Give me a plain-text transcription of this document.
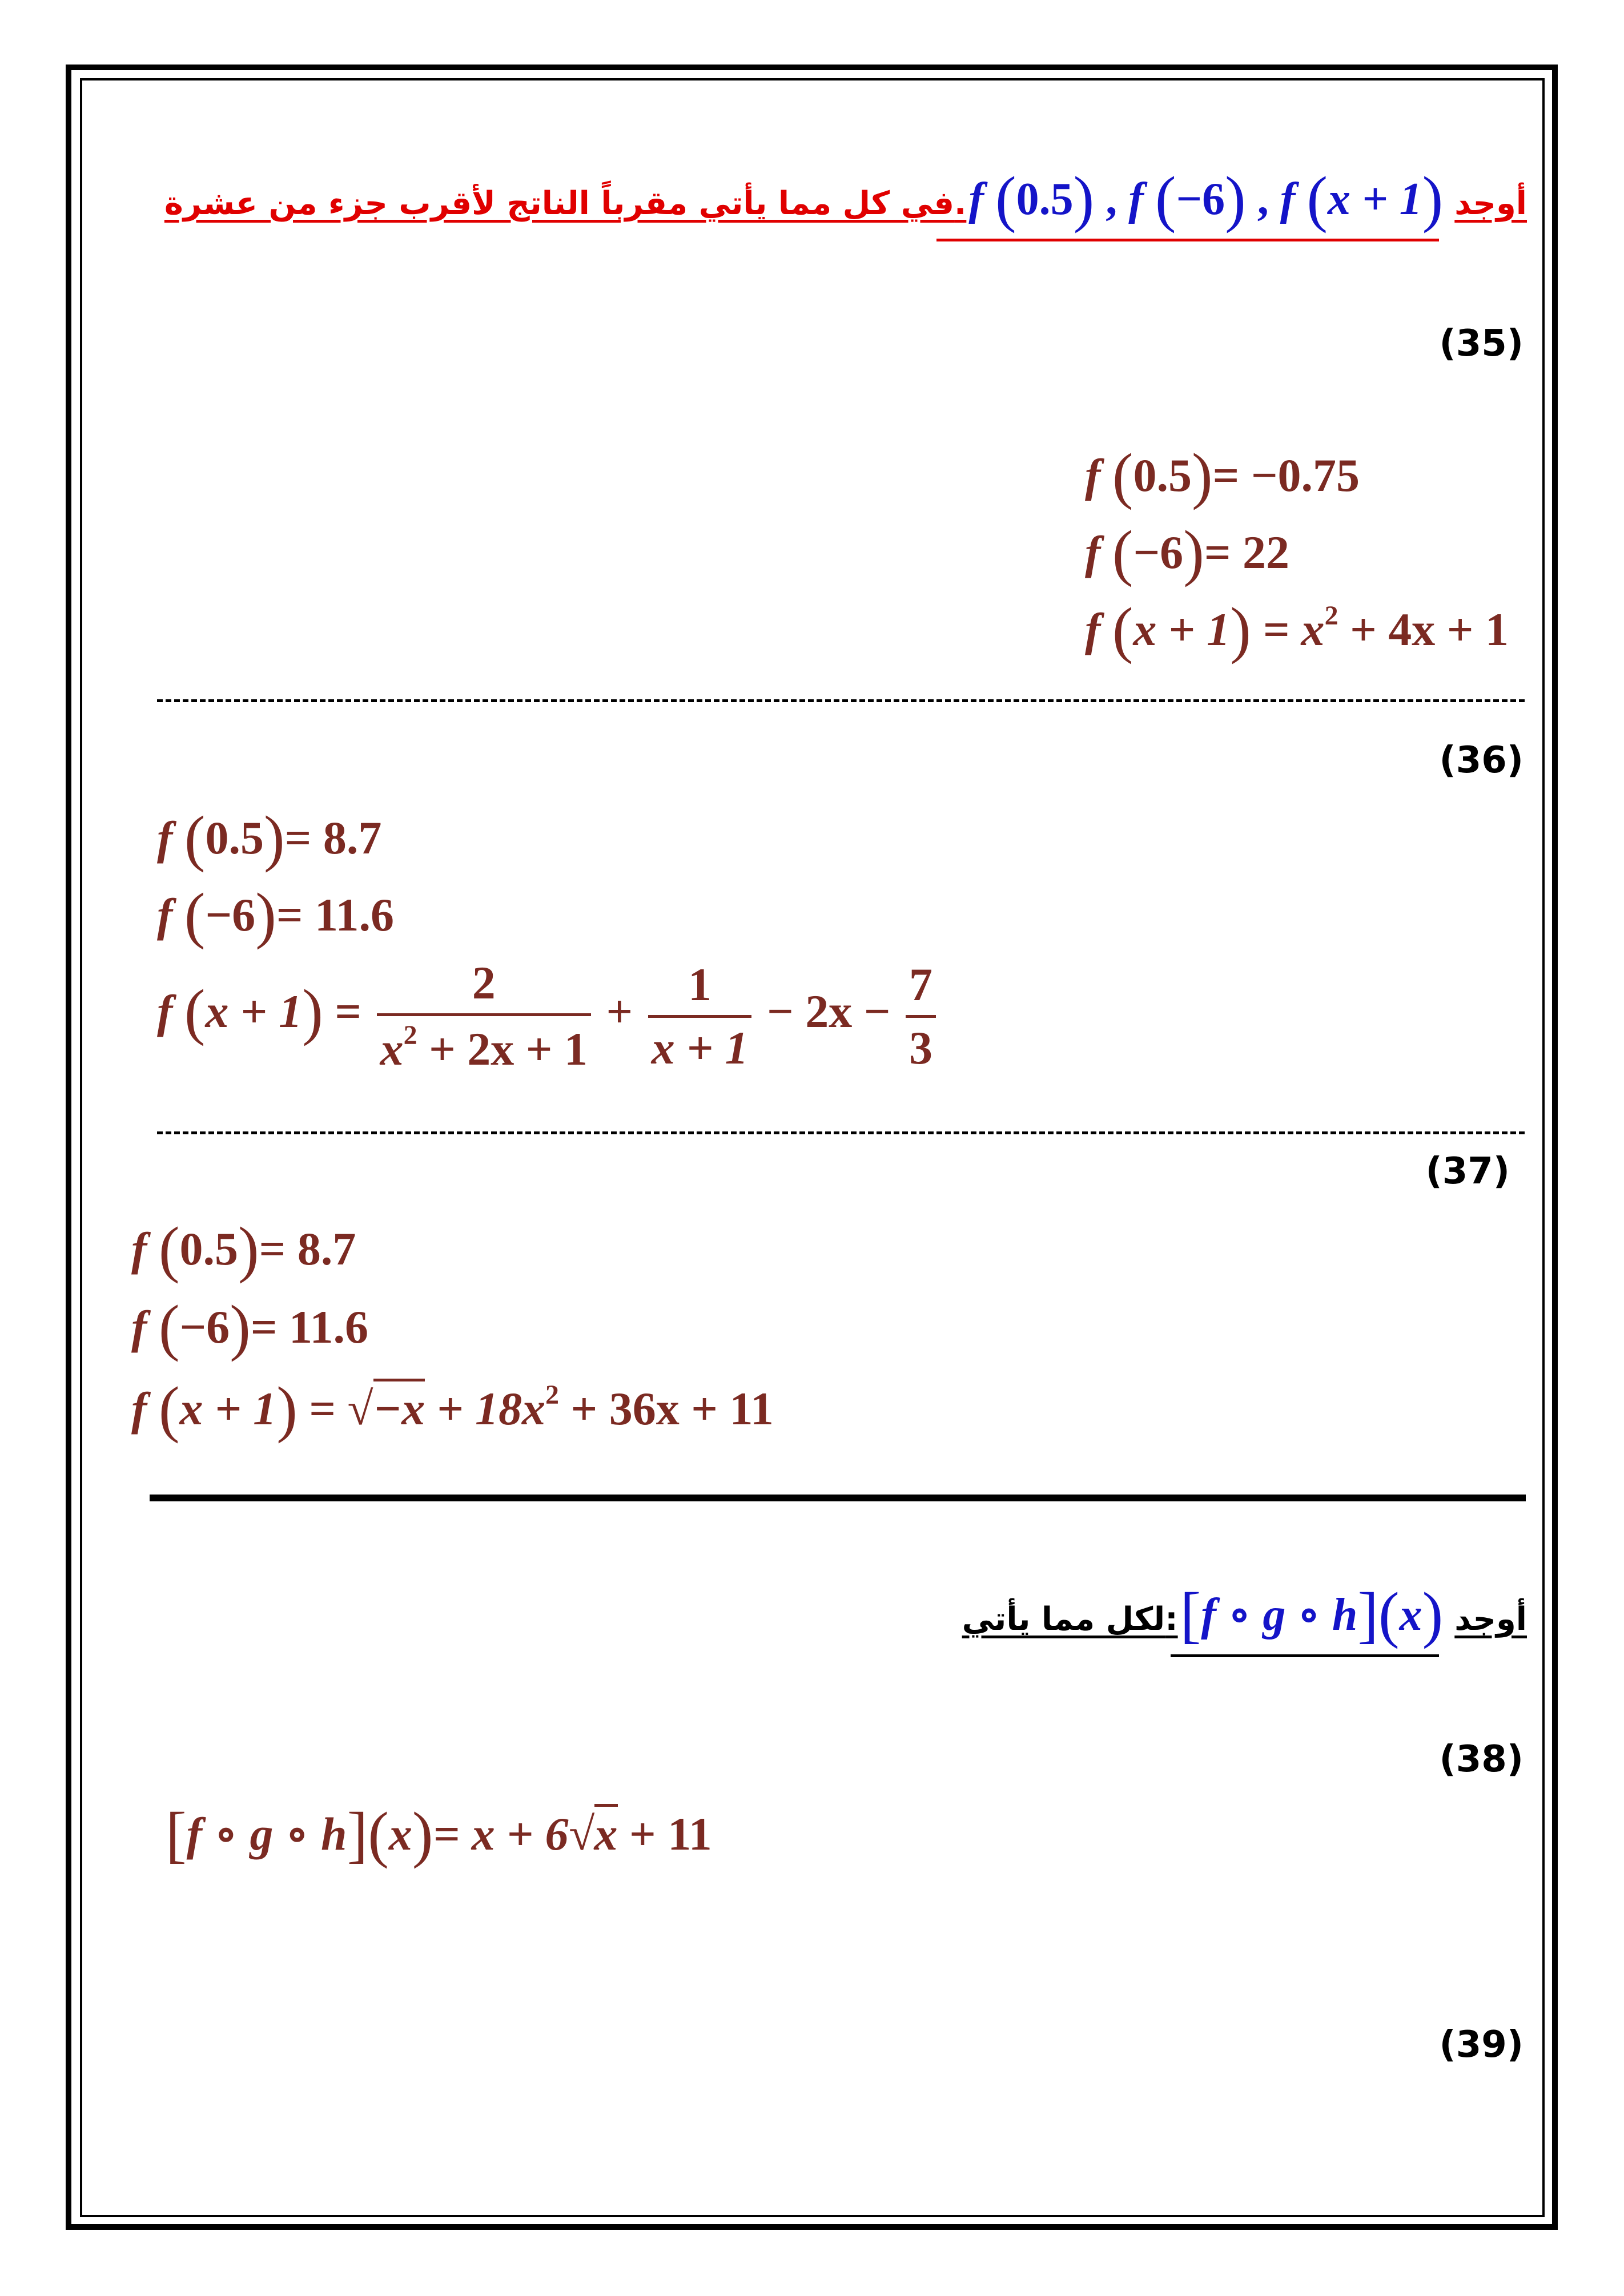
في كل مما يأتي مقرباً الناتج لأقرب جزء من عشرة. f (0.5) , f (−6) , f (x + 1) أوجد
(35)
f (0.5)= −0.75
f (−6)= 22
f $(x + 1) = x^2 + 4x + 1$
(36)
f (0.5)= 8.7
f (−6)= 11.6
f $(x + 1) = \frac{2}{x^2 + 2x + 1} + \frac{1}{x + 1} - 2x - \frac{7}{3}$
(37)
f (0.5)= 8.7
f (−6)= 11.6
f $(x + 1) = √-x + 18x^2 + 36x + 11$
لكل مما يأتي: [f ∘ g ∘ h](x) أوجد
(38)
[f ∘ g ∘ h](x)= x + 6√x + 11
(39)
